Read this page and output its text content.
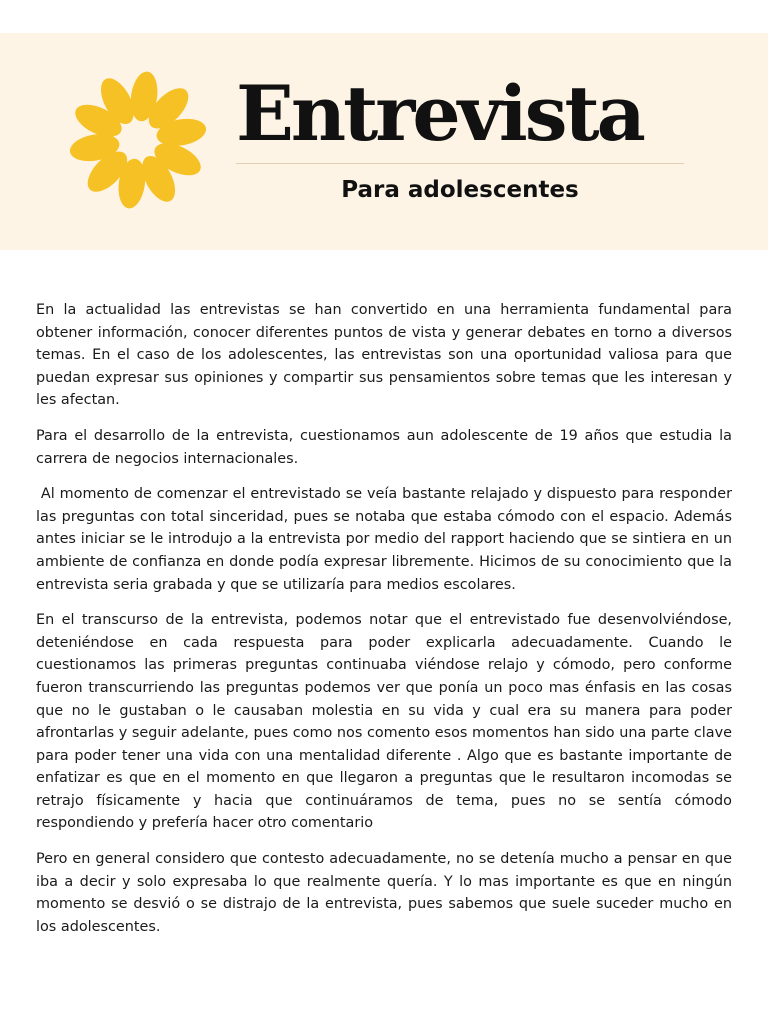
Entrevista
Para adolescentes

En la actualidad las entrevistas se han convertido en una herramienta fundamental para obtener información, conocer diferentes puntos de vista y generar debates en torno a diversos temas. En el caso de los adolescentes, las entrevistas son una oportunidad valiosa para que puedan expresar sus opiniones y compartir sus pensamientos sobre temas que les interesan y les afectan.

Para el desarrollo de la entrevista, cuestionamos aun adolescente de 19 años que estudia la carrera de negocios internacionales.

Al momento de comenzar el entrevistado se veía bastante relajado y dispuesto para responder las preguntas con total sinceridad, pues se notaba que estaba cómodo con el espacio. Además antes iniciar se le introdujo a la entrevista por medio del rapport haciendo que se sintiera en un ambiente de confianza en donde podía expresar libremente. Hicimos de su conocimiento que la entrevista seria grabada y que se utilizaría para medios escolares.

En el transcurso de la entrevista, podemos notar que el entrevistado fue desenvolviéndose, deteniéndose en cada respuesta para poder explicarla adecuadamente. Cuando le cuestionamos las primeras preguntas continuaba viéndose relajo y cómodo, pero conforme fueron transcurriendo las preguntas podemos ver que ponía un poco mas énfasis en las cosas que no le gustaban o le causaban molestia en su vida y cual era su manera para poder afrontarlas y seguir adelante, pues como nos comento esos momentos han sido una parte clave para poder tener una vida con una mentalidad diferente . Algo que es bastante importante de enfatizar es que en el momento en que llegaron a preguntas que le resultaron incomodas se retrajo físicamente y hacia que continuáramos de tema, pues no se sentía cómodo respondiendo y prefería hacer otro comentario

Pero en general considero que contesto adecuadamente, no se detenía mucho a pensar en que iba a decir y solo expresaba lo que realmente quería. Y lo mas importante es que en ningún momento se desvió o se distrajo de la entrevista, pues sabemos que suele suceder mucho en los adolescentes.
